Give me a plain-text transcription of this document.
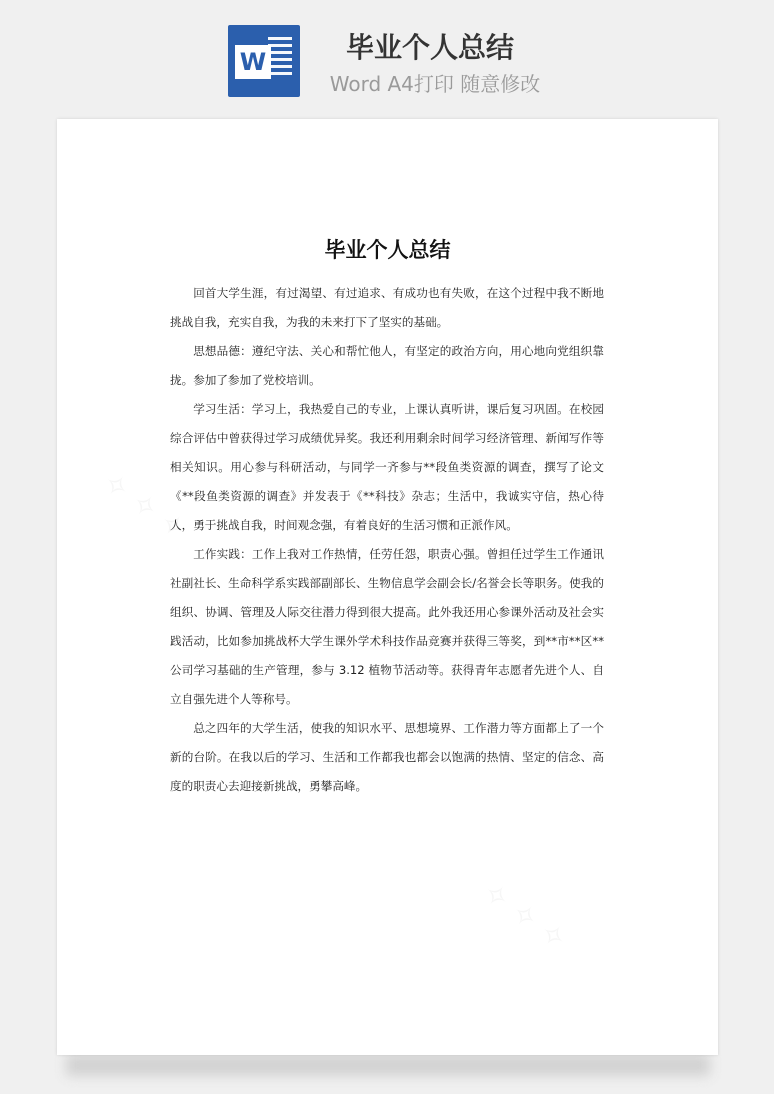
W	毕业个人总结
Word A4打印 随意修改
毕业个人总结

回首大学生涯，有过渴望、有过追求、有成功也有失败，在这个过程中我不断地挑战自我，充实自我，为我的未来打下了坚实的基础。

思想品德：遵纪守法、关心和帮忙他人，有坚定的政治方向，用心地向党组织靠拢。参加了参加了党校培训。

学习生活：学习上，我热爱自己的专业，上课认真听讲，课后复习巩固。在校园综合评估中曾获得过学习成绩优异奖。我还利用剩余时间学习经济管理、新闻写作等相关知识。用心参与科研活动，与同学一齐参与**段鱼类资源的调查，撰写了论文《**段鱼类资源的调查》并发表于《**科技》杂志；生活中，我诚实守信，热心待人，勇于挑战自我，时间观念强，有着良好的生活习惯和正派作风。

工作实践：工作上我对工作热情，任劳任怨，职责心强。曾担任过学生工作通讯社副社长、生命科学系实践部副部长、生物信息学会副会长/名誉会长等职务。使我的组织、协调、管理及人际交往潜力得到很大提高。此外我还用心参课外活动及社会实践活动，比如参加挑战杯大学生课外学术科技作品竞赛并获得三等奖，到**市**区**公司学习基础的生产管理，参与 3.12 植物节活动等。获得青年志愿者先进个人、自立自强先进个人等称号。

总之四年的大学生活，使我的知识水平、思想境界、工作潜力等方面都上了一个新的台阶。在我以后的学习、生活和工作都我也都会以饱满的热情、坚定的信念、高度的职责心去迎接新挑战，勇攀高峰。
